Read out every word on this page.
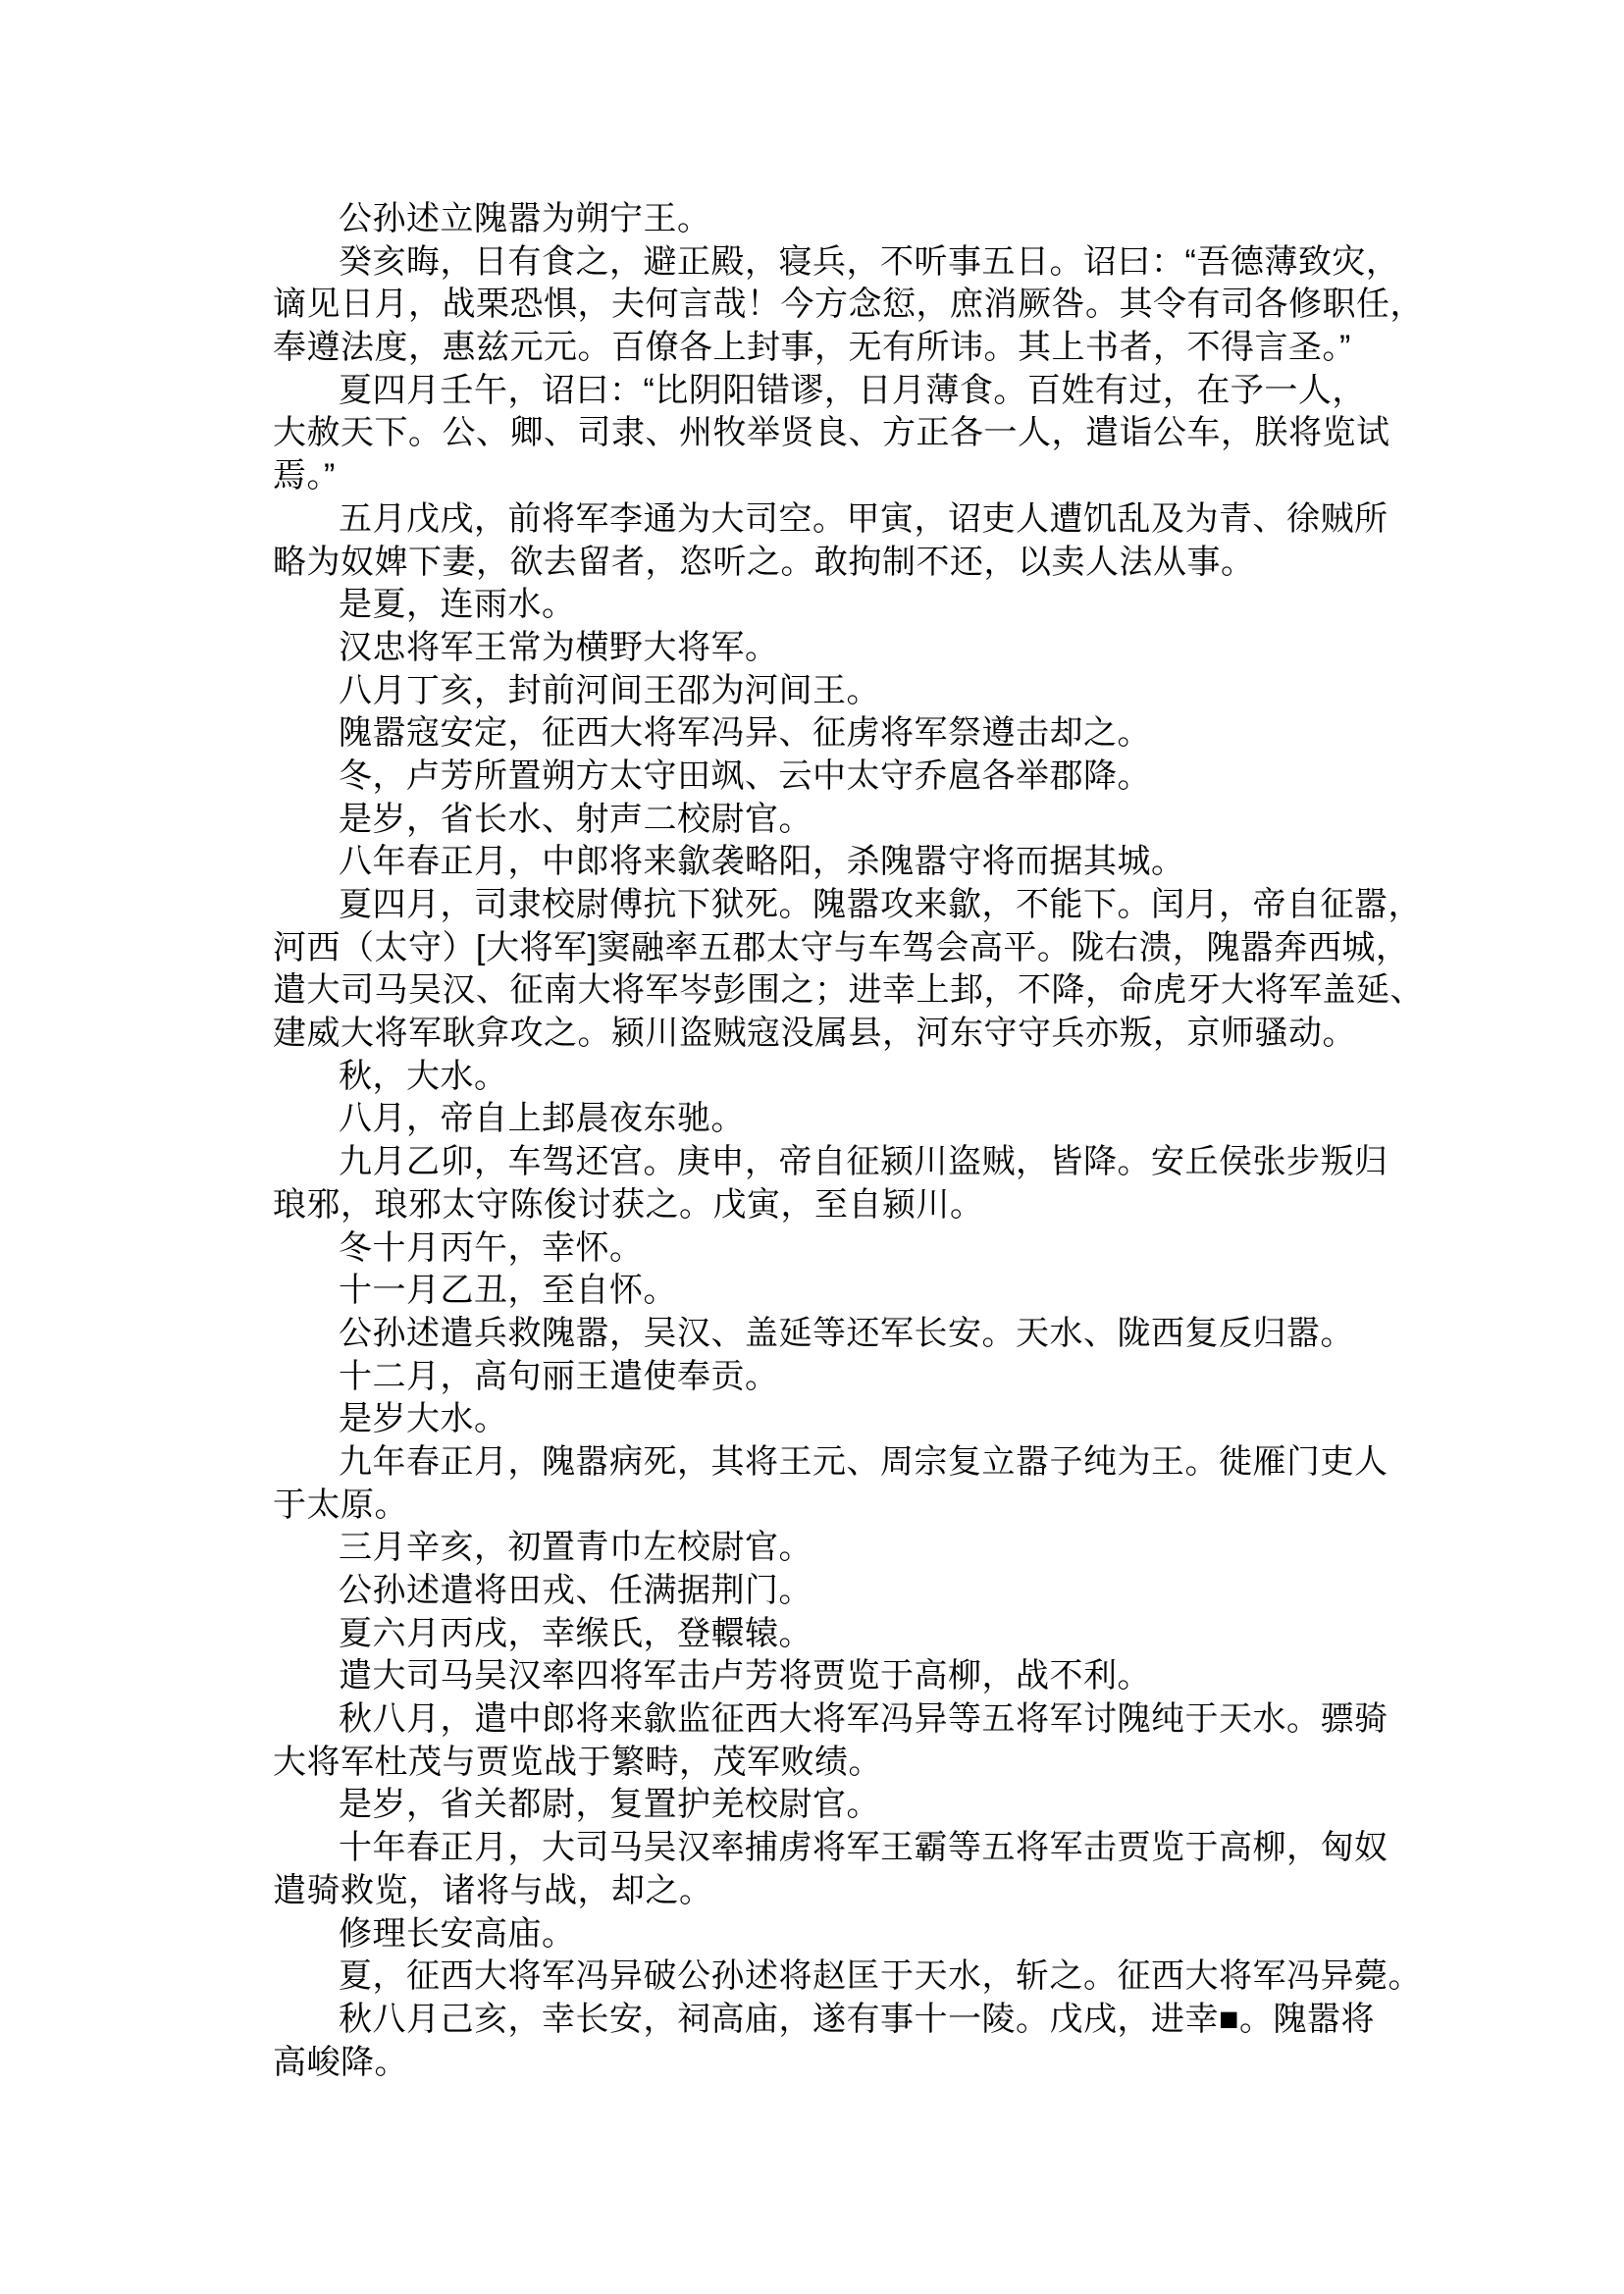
公孙述立隗嚣为朔宁王。
癸亥晦，日有食之，避正殿，寝兵，不听事五日。诏曰：“吾德薄致灾，
谪见日月，战栗恐惧，夫何言哉！今方念愆，庶消厥咎。其令有司各修职任，
奉遵法度，惠兹元元。百僚各上封事，无有所讳。其上书者，不得言圣。”
夏四月壬午，诏曰：“比阴阳错谬，日月薄食。百姓有过，在予一人，
大赦天下。公、卿、司隶、州牧举贤良、方正各一人，遣诣公车，朕将览试
焉。”
五月戊戌，前将军李通为大司空。甲寅，诏吏人遭饥乱及为青、徐贼所
略为奴婢下妻，欲去留者，恣听之。敢拘制不还，以卖人法从事。
是夏，连雨水。
汉忠将军王常为横野大将军。
八月丁亥，封前河间王邵为河间王。
隗嚣寇安定，征西大将军冯异、征虏将军祭遵击却之。
冬，卢芳所置朔方太守田飒、云中太守乔扈各举郡降。
是岁，省长水、射声二校尉官。
八年春正月，中郎将来歙袭略阳，杀隗嚣守将而据其城。
夏四月，司隶校尉傅抗下狱死。隗嚣攻来歙，不能下。闰月，帝自征嚣，
河西（太守）[大将军]窦融率五郡太守与车驾会高平。陇右溃，隗嚣奔西城，
遣大司马吴汉、征南大将军岑彭围之；进幸上邽，不降，命虎牙大将军盖延、
建威大将军耿弇攻之。颍川盗贼寇没属县，河东守守兵亦叛，京师骚动。
秋，大水。
八月，帝自上邽晨夜东驰。
九月乙卯，车驾还宫。庚申，帝自征颍川盗贼，皆降。安丘侯张步叛归
琅邪，琅邪太守陈俊讨获之。戊寅，至自颍川。
冬十月丙午，幸怀。
十一月乙丑，至自怀。
公孙述遣兵救隗嚣，吴汉、盖延等还军长安。天水、陇西复反归嚣。
十二月，高句丽王遣使奉贡。
是岁大水。
九年春正月，隗嚣病死，其将王元、周宗复立嚣子纯为王。徙雁门吏人
于太原。
三月辛亥，初置青巾左校尉官。
公孙述遣将田戎、任满据荆门。
夏六月丙戌，幸缑氏，登轘辕。
遣大司马吴汉率四将军击卢芳将贾览于高柳，战不利。
秋八月，遣中郎将来歙监征西大将军冯异等五将军讨隗纯于天水。骠骑
大将军杜茂与贾览战于繁畤，茂军败绩。
是岁，省关都尉，复置护羌校尉官。
十年春正月，大司马吴汉率捕虏将军王霸等五将军击贾览于高柳，匈奴
遣骑救览，诸将与战，却之。
修理长安高庙。
夏，征西大将军冯异破公孙述将赵匡于天水，斩之。征西大将军冯异薨。
秋八月己亥，幸长安，祠高庙，遂有事十一陵。戊戌，进幸■。隗嚣将
高峻降。
